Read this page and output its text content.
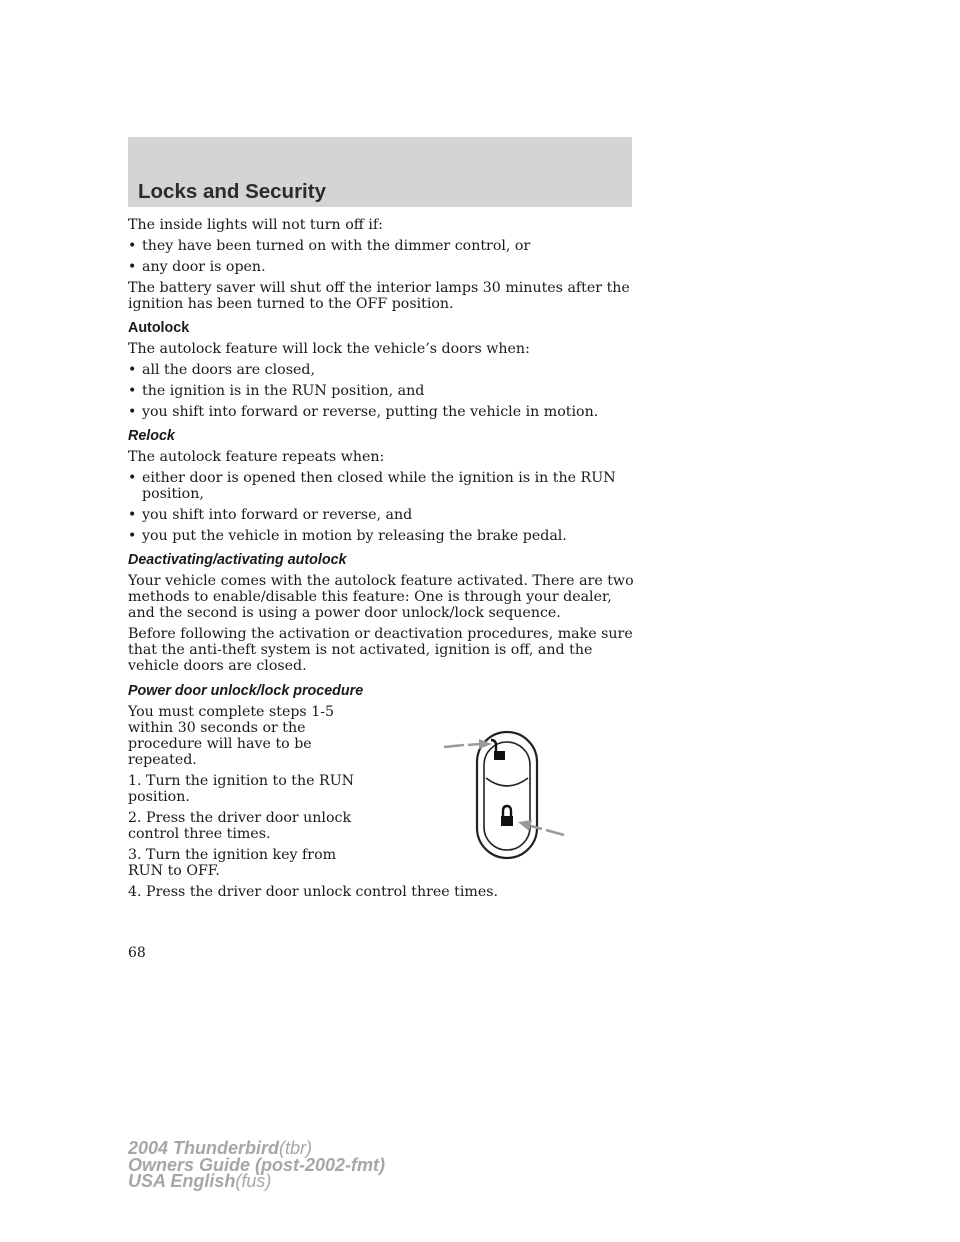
Locks and Security

The inside lights will not turn off if:

• they have been turned on with the dimmer control, or
• any door is open.

The battery saver will shut off the interior lamps 30 minutes after the ignition has been turned to the OFF position.

Autolock

The autolock feature will lock the vehicle’s doors when:

• all the doors are closed,
• the ignition is in the RUN position, and
• you shift into forward or reverse, putting the vehicle in motion.
Relock

The autolock feature repeats when:

• either door is opened then closed while the ignition is in the RUN position,
• you shift into forward or reverse, and
• you put the vehicle in motion by releasing the brake pedal.
Deactivating/activating autolock

Your vehicle comes with the autolock feature activated. There are two methods to enable/disable this feature: One is through your dealer, and the second is using a power door unlock/lock sequence.

Before following the activation or deactivation procedures, make sure that the anti-theft system is not activated, ignition is off, and the vehicle doors are closed.

Power door unlock/lock procedure

You must complete steps 1-5 within 30 seconds or the procedure will have to be repeated.

1. Turn the ignition to the RUN position.

2. Press the driver door unlock control three times.

3. Turn the ignition key from RUN to OFF.

4. Press the driver door unlock control three times.

68
2004 Thunderbird(tbr)
Owners Guide (post-2002-fmt)
USA English(fus)
